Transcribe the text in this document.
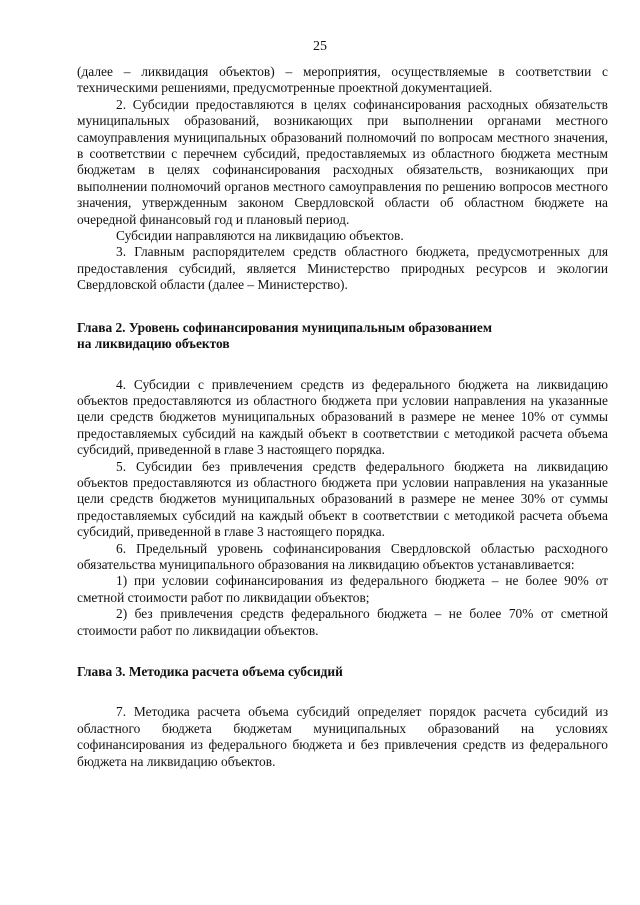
25

(далее – ликвидация объектов) – мероприятия, осуществляемые в соответствии с техническими решениями, предусмотренные проектной документацией.

2. Субсидии предоставляются в целях софинансирования расходных обязательств муниципальных образований, возникающих при выполнении органами местного самоуправления муниципальных образований полномочий по вопросам местного значения, в соответствии с перечнем субсидий, предоставляемых из областного бюджета местным бюджетам в целях софинансирования расходных обязательств, возникающих при выполнении полномочий органов местного самоуправления по решению вопросов местного значения, утвержденным законом Свердловской области об областном бюджете на очередной финансовый год и плановый период.

Субсидии направляются на ликвидацию объектов.

3. Главным распорядителем средств областного бюджета, предусмотренных для предоставления субсидий, является Министерство природных ресурсов и экологии Свердловской области (далее – Министерство).

Глава 2. Уровень софинансирования муниципальным образованием

на ликвидацию объектов

4. Субсидии с привлечением средств из федерального бюджета на ликвидацию объектов предоставляются из областного бюджета при условии направления на указанные цели средств бюджетов муниципальных образований в размере не менее 10% от суммы предоставляемых субсидий на каждый объект в соответствии с методикой расчета объема субсидий, приведенной в главе 3 настоящего порядка.

5. Субсидии без привлечения средств федерального бюджета на ликвидацию объектов предоставляются из областного бюджета при условии направления на указанные цели средств бюджетов муниципальных образований в размере не менее 30% от суммы предоставляемых субсидий на каждый объект в соответствии с методикой расчета объема субсидий, приведенной в главе 3 настоящего порядка.

6. Предельный уровень софинансирования Свердловской областью расходного обязательства муниципального образования на ликвидацию объектов устанавливается:

1) при условии софинансирования из федерального бюджета – не более 90% от сметной стоимости работ по ликвидации объектов;

2) без привлечения средств федерального бюджета – не более 70% от сметной стоимости работ по ликвидации объектов.

Глава 3. Методика расчета объема субсидий

7. Методика расчета объема субсидий определяет порядок расчета субсидий из областного бюджета бюджетам муниципальных образований на условиях софинансирования из федерального бюджета и без привлечения средств из федерального бюджета на ликвидацию объектов.
